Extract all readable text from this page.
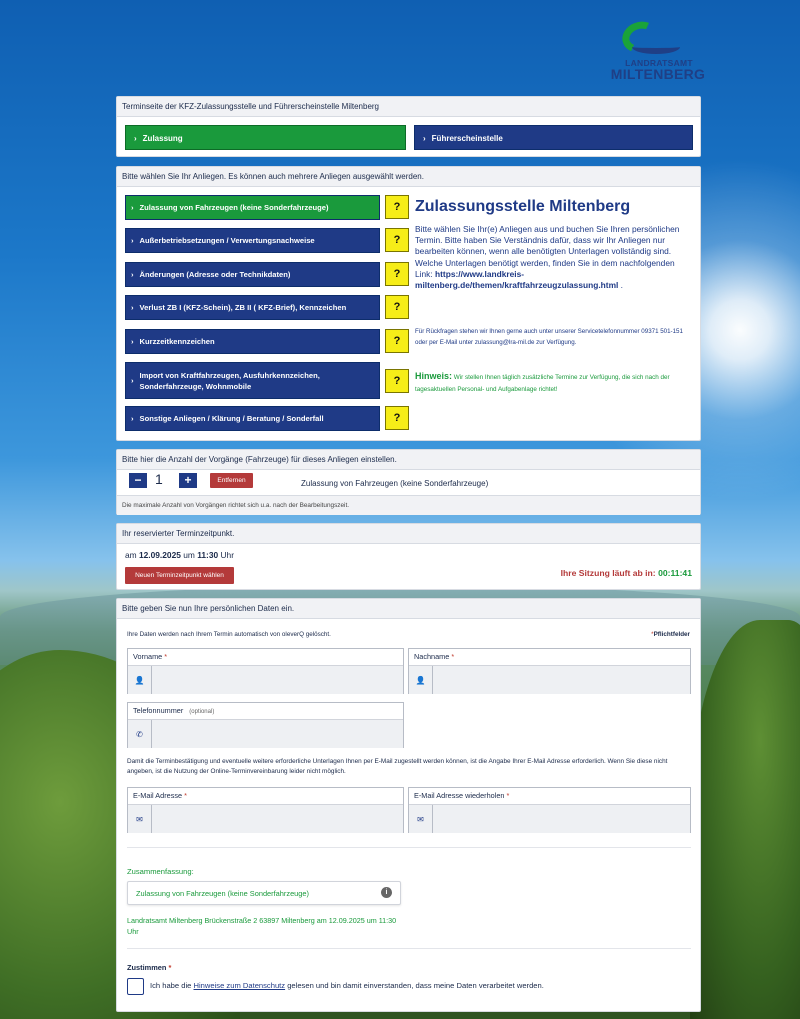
LANDRATSAMT
MILTENBERG
Terminseite der KFZ-Zulassungsstelle und Führerscheinstelle Miltenberg
› Zulassung	› Führerscheinstelle
Bitte wählen Sie Ihr Anliegen. Es können auch mehrere Anliegen ausgewählt werden.
› Zulassung von Fahrzeugen (keine Sonderfahrzeuge)	?
› Außerbetriebsetzungen / Verwertungsnachweise	?
› Änderungen (Adresse oder Technikdaten)	?
› Verlust ZB I (KFZ-Schein), ZB II ( KFZ-Brief), Kennzeichen	?
› Kurzzeitkennzeichen	?
›
Import von Kraftfahrzeugen, Ausfuhrkennzeichen, Sonderfahrzeuge, Wohnmobile	?
› Sonstige Anliegen / Klärung / Beratung / Sonderfall	?
Zulassungsstelle Miltenberg
Bitte wählen Sie Ihr(e) Anliegen aus und buchen Sie Ihren persönlichen Termin. Bitte haben Sie Verständnis dafür, dass wir Ihr Anliegen nur bearbeiten können, wenn alle benötigten Unterlagen vollständig sind. Welche Unterlagen benötigt werden, finden Sie in dem nachfolgenden Link: https://www.landkreis-miltenberg.de/themen/kraftfahrzeugzulassung.html .
Für Rückfragen stehen wir Ihnen gerne auch unter unserer Servicetelefonnummer 09371 501-151 oder per E-Mail unter zulassung@lra-mil.de zur Verfügung.
Hinweis: Wir stellen Ihnen täglich zusätzliche Termine zur Verfügung, die sich nach der tagesaktuellen Personal- und Aufgabenlage richtet!
Bitte hier die Anzahl der Vorgänge (Fahrzeuge) für dieses Anliegen einstellen.
− 1	+	Entfernen	Zulassung von Fahrzeugen (keine Sonderfahrzeuge)
Die maximale Anzahl von Vorgängen richtet sich u.a. nach der Bearbeitungszeit.
Ihr reservierter Terminzeitpunkt.
am 12.09.2025 um 11:30 Uhr
Neuen Terminzeitpunkt wählen	Ihre Sitzung läuft ab in: 00:11:41
Bitte geben Sie nun Ihre persönlichen Daten ein.
Ihre Daten werden nach Ihrem Termin automatisch von oleverQ gelöscht.	*Pflichtfelder
Vorname *
👤
Nachname *
👤
Telefonnummer (optional)
✆
Damit die Terminbestätigung und eventuelle weitere erforderliche Unterlagen Ihnen per E-Mail zugestellt werden können, ist die Angabe Ihrer E-Mail Adresse erforderlich. Wenn Sie diese nicht angeben, ist die Nutzung der Online-Terminvereinbarung leider nicht möglich.
E-Mail Adresse *
✉
E-Mail Adresse wiederholen *
✉
Zusammenfassung:
Zulassung von Fahrzeugen (keine Sonderfahrzeuge)	i
Landratsamt Miltenberg Brückenstraße 2 63897 Miltenberg am 12.09.2025 um 11:30 Uhr
Zustimmen *
Ich habe die Hinweise zum Datenschutz gelesen und bin damit einverstanden, dass meine Daten verarbeitet werden.
